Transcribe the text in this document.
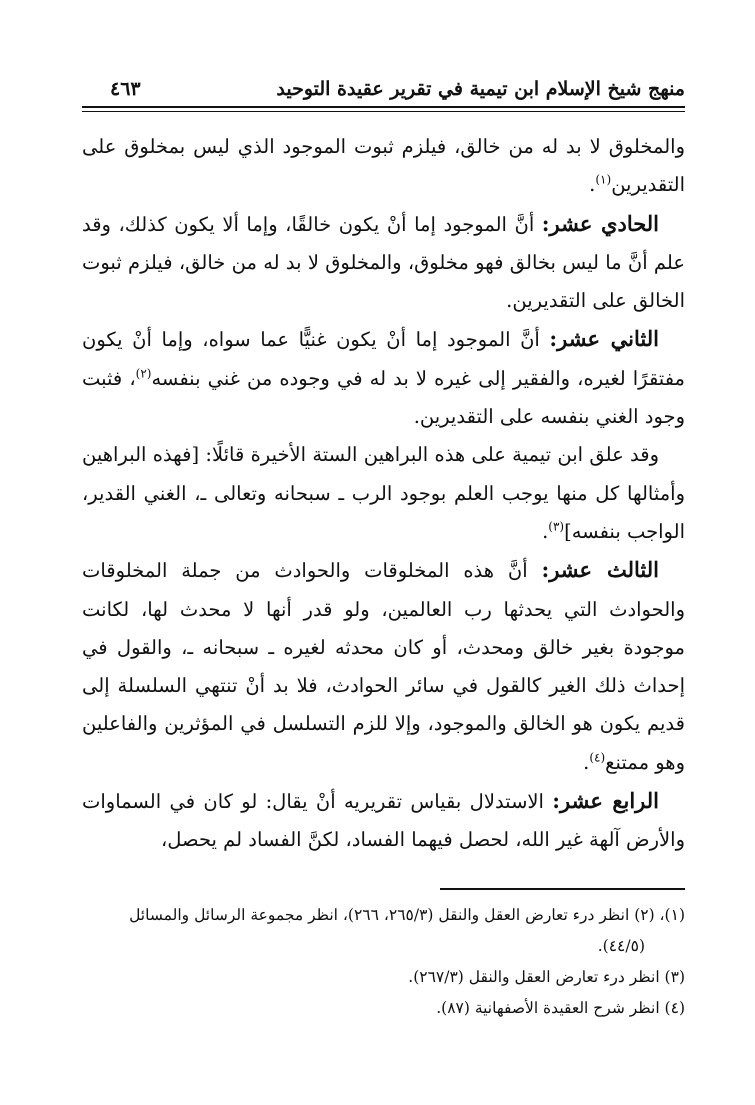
منهج شيخ الإسلام ابن تيمية في تقرير عقيدة التوحيد
٤٦٣

والمخلوق لا بد له من خالق، فيلزم ثبوت الموجود الذي ليس بمخلوق على التقديرين$^{(١)}$.

الحادي عشر: أنَّ الموجود إما أنْ يكون خالقًا، وإما ألا يكون كذلك، وقد علم أنَّ ما ليس بخالق فهو مخلوق، والمخلوق لا بد له من خالق، فيلزم ثبوت الخالق على التقديرين.

الثاني عشر: أنَّ الموجود إما أنْ يكون غنيًّا عما سواه، وإما أنْ يكون مفتقرًا لغيره، والفقير إلى غيره لا بد له في وجوده من غني بنفسه$^{(٢)}$، فثبت وجود الغني بنفسه على التقديرين.

وقد علق ابن تيمية على هذه البراهين الستة الأخيرة قائلًا: [فهذه البراهين وأمثالها كل منها يوجب العلم بوجود الرب ـ سبحانه وتعالى ـ، الغني القدير، الواجب بنفسه]$^{(٣)}$.

الثالث عشر: أنَّ هذه المخلوقات والحوادث من جملة المخلوقات والحوادث التي يحدثها رب العالمين، ولو قدر أنها لا محدث لها، لكانت موجودة بغير خالق ومحدث، أو كان محدثه لغيره ـ سبحانه ـ، والقول في إحداث ذلك الغير كالقول في سائر الحوادث، فلا بد أنْ تنتهي السلسلة إلى قديم يكون هو الخالق والموجود، وإلا للزم التسلسل في المؤثرين والفاعلين وهو ممتنع$^{(٤)}$.

الرابع عشر: الاستدلال بقياس تقريريه أنْ يقال: لو كان في السماوات والأرض آلهة غير الله، لحصل فيهما الفساد، لكنَّ الفساد لم يحصل،

(١)، (٢) انظر درء تعارض العقل والنقل (٢٦٥/٣، ٢٦٦)، انظر مجموعة الرسائل والمسائل

(٤٤/٥).

(٣) انظر درء تعارض العقل والنقل (٢٦٧/٣).

(٤) انظر شرح العقيدة الأصفهانية (٨٧).
